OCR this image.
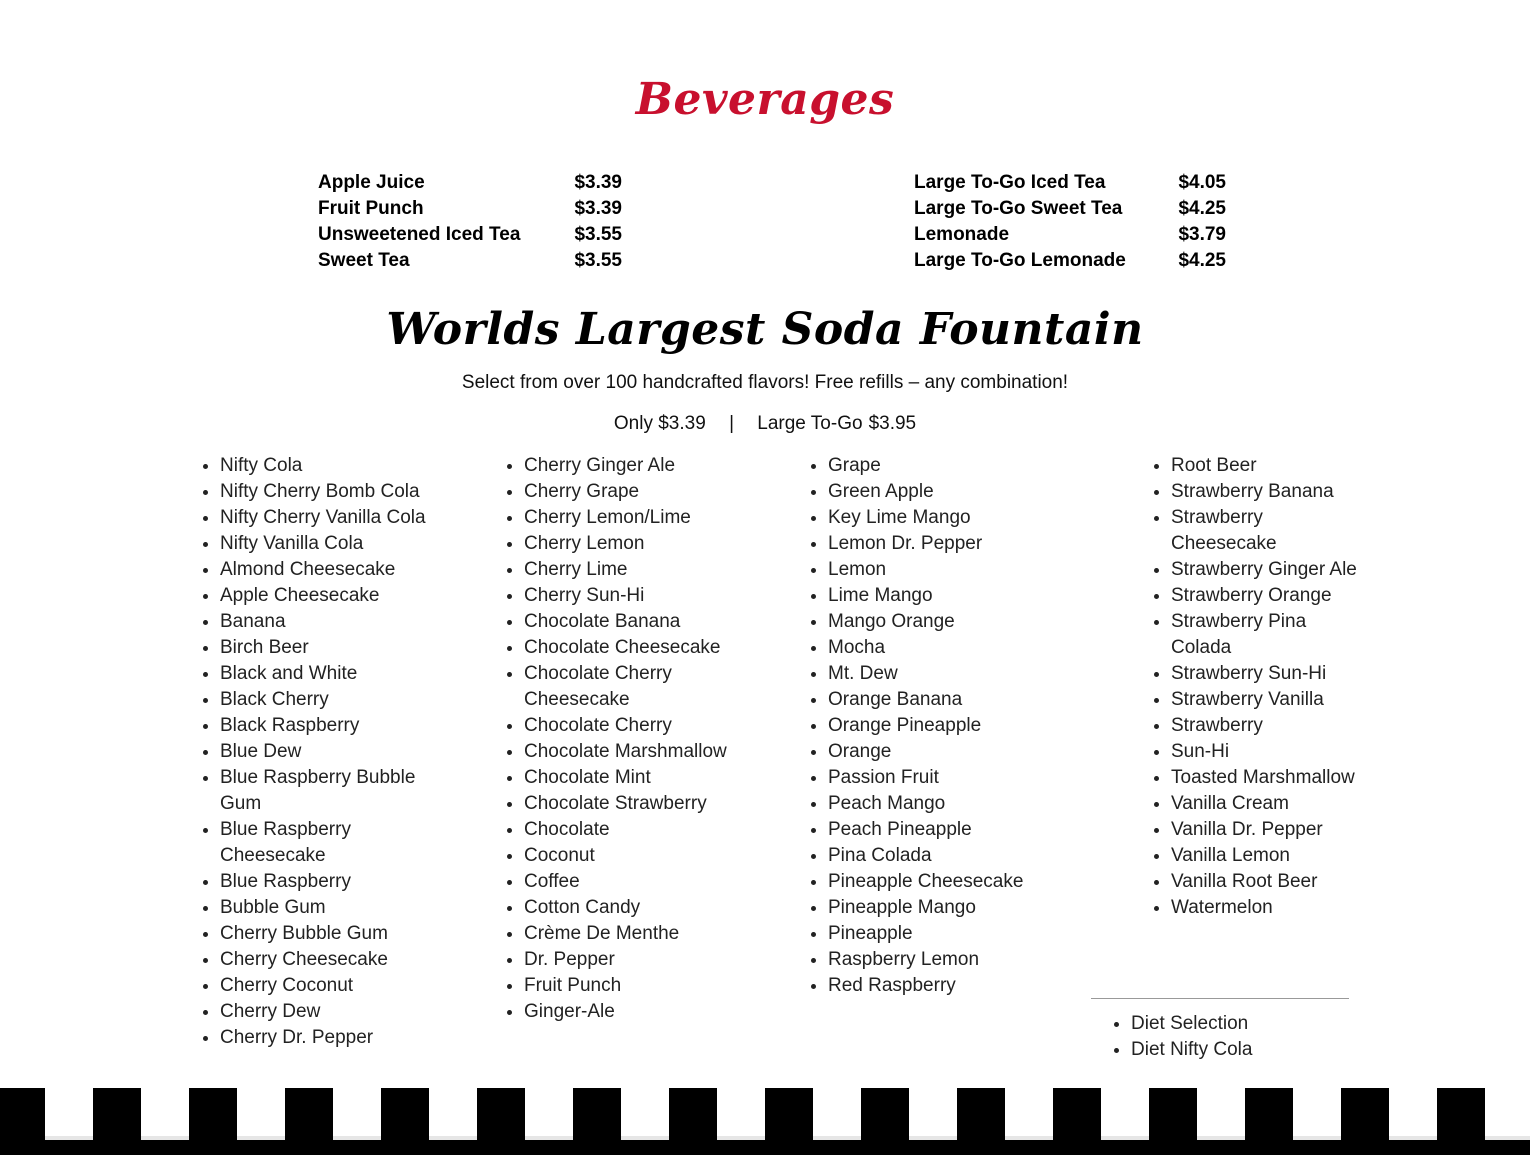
Beverages
Apple Juice	$3.39
Fruit Punch	$3.39
Unsweetened Iced Tea	$3.55
Sweet Tea	$3.55
Large To-Go Iced Tea	$4.05
Large To-Go Sweet Tea	$4.25
Lemonade	$3.79
Large To-Go Lemonade	$4.25
Worlds Largest Soda Fountain
Select from over 100 handcrafted flavors! Free refills – any combination!
Only $3.39 | Large To-Go $3.95
• Nifty Cola
• Nifty Cherry Bomb Cola
• Nifty Cherry Vanilla Cola
• Nifty Vanilla Cola
• Almond Cheesecake
• Apple Cheesecake
• Banana
• Birch Beer
• Black and White
• Black Cherry
• Black Raspberry
• Blue Dew
• Blue Raspberry Bubble Gum
• Blue Raspberry Cheesecake
• Blue Raspberry
• Bubble Gum
• Cherry Bubble Gum
• Cherry Cheesecake
• Cherry Coconut
• Cherry Dew
• Cherry Dr. Pepper
• Cherry Ginger Ale
• Cherry Grape
• Cherry Lemon/Lime
• Cherry Lemon
• Cherry Lime
• Cherry Sun-Hi
• Chocolate Banana
• Chocolate Cheesecake
• Chocolate Cherry Cheesecake
• Chocolate Cherry
• Chocolate Marshmallow
• Chocolate Mint
• Chocolate Strawberry
• Chocolate
• Coconut
• Coffee
• Cotton Candy
• Crème De Menthe
• Dr. Pepper
• Fruit Punch
• Ginger-Ale
• Grape
• Green Apple
• Key Lime Mango
• Lemon Dr. Pepper
• Lemon
• Lime Mango
• Mango Orange
• Mocha
• Mt. Dew
• Orange Banana
• Orange Pineapple
• Orange
• Passion Fruit
• Peach Mango
• Peach Pineapple
• Pina Colada
• Pineapple Cheesecake
• Pineapple Mango
• Pineapple
• Raspberry Lemon
• Red Raspberry
• Root Beer
• Strawberry Banana
• Strawberry Cheesecake
• Strawberry Ginger Ale
• Strawberry Orange
• Strawberry Pina Colada
• Strawberry Sun-Hi
• Strawberry Vanilla
• Strawberry
• Sun-Hi
• Toasted Marshmallow
• Vanilla Cream
• Vanilla Dr. Pepper
• Vanilla Lemon
• Vanilla Root Beer
• Watermelon
• Diet Selection
• Diet Nifty Cola
